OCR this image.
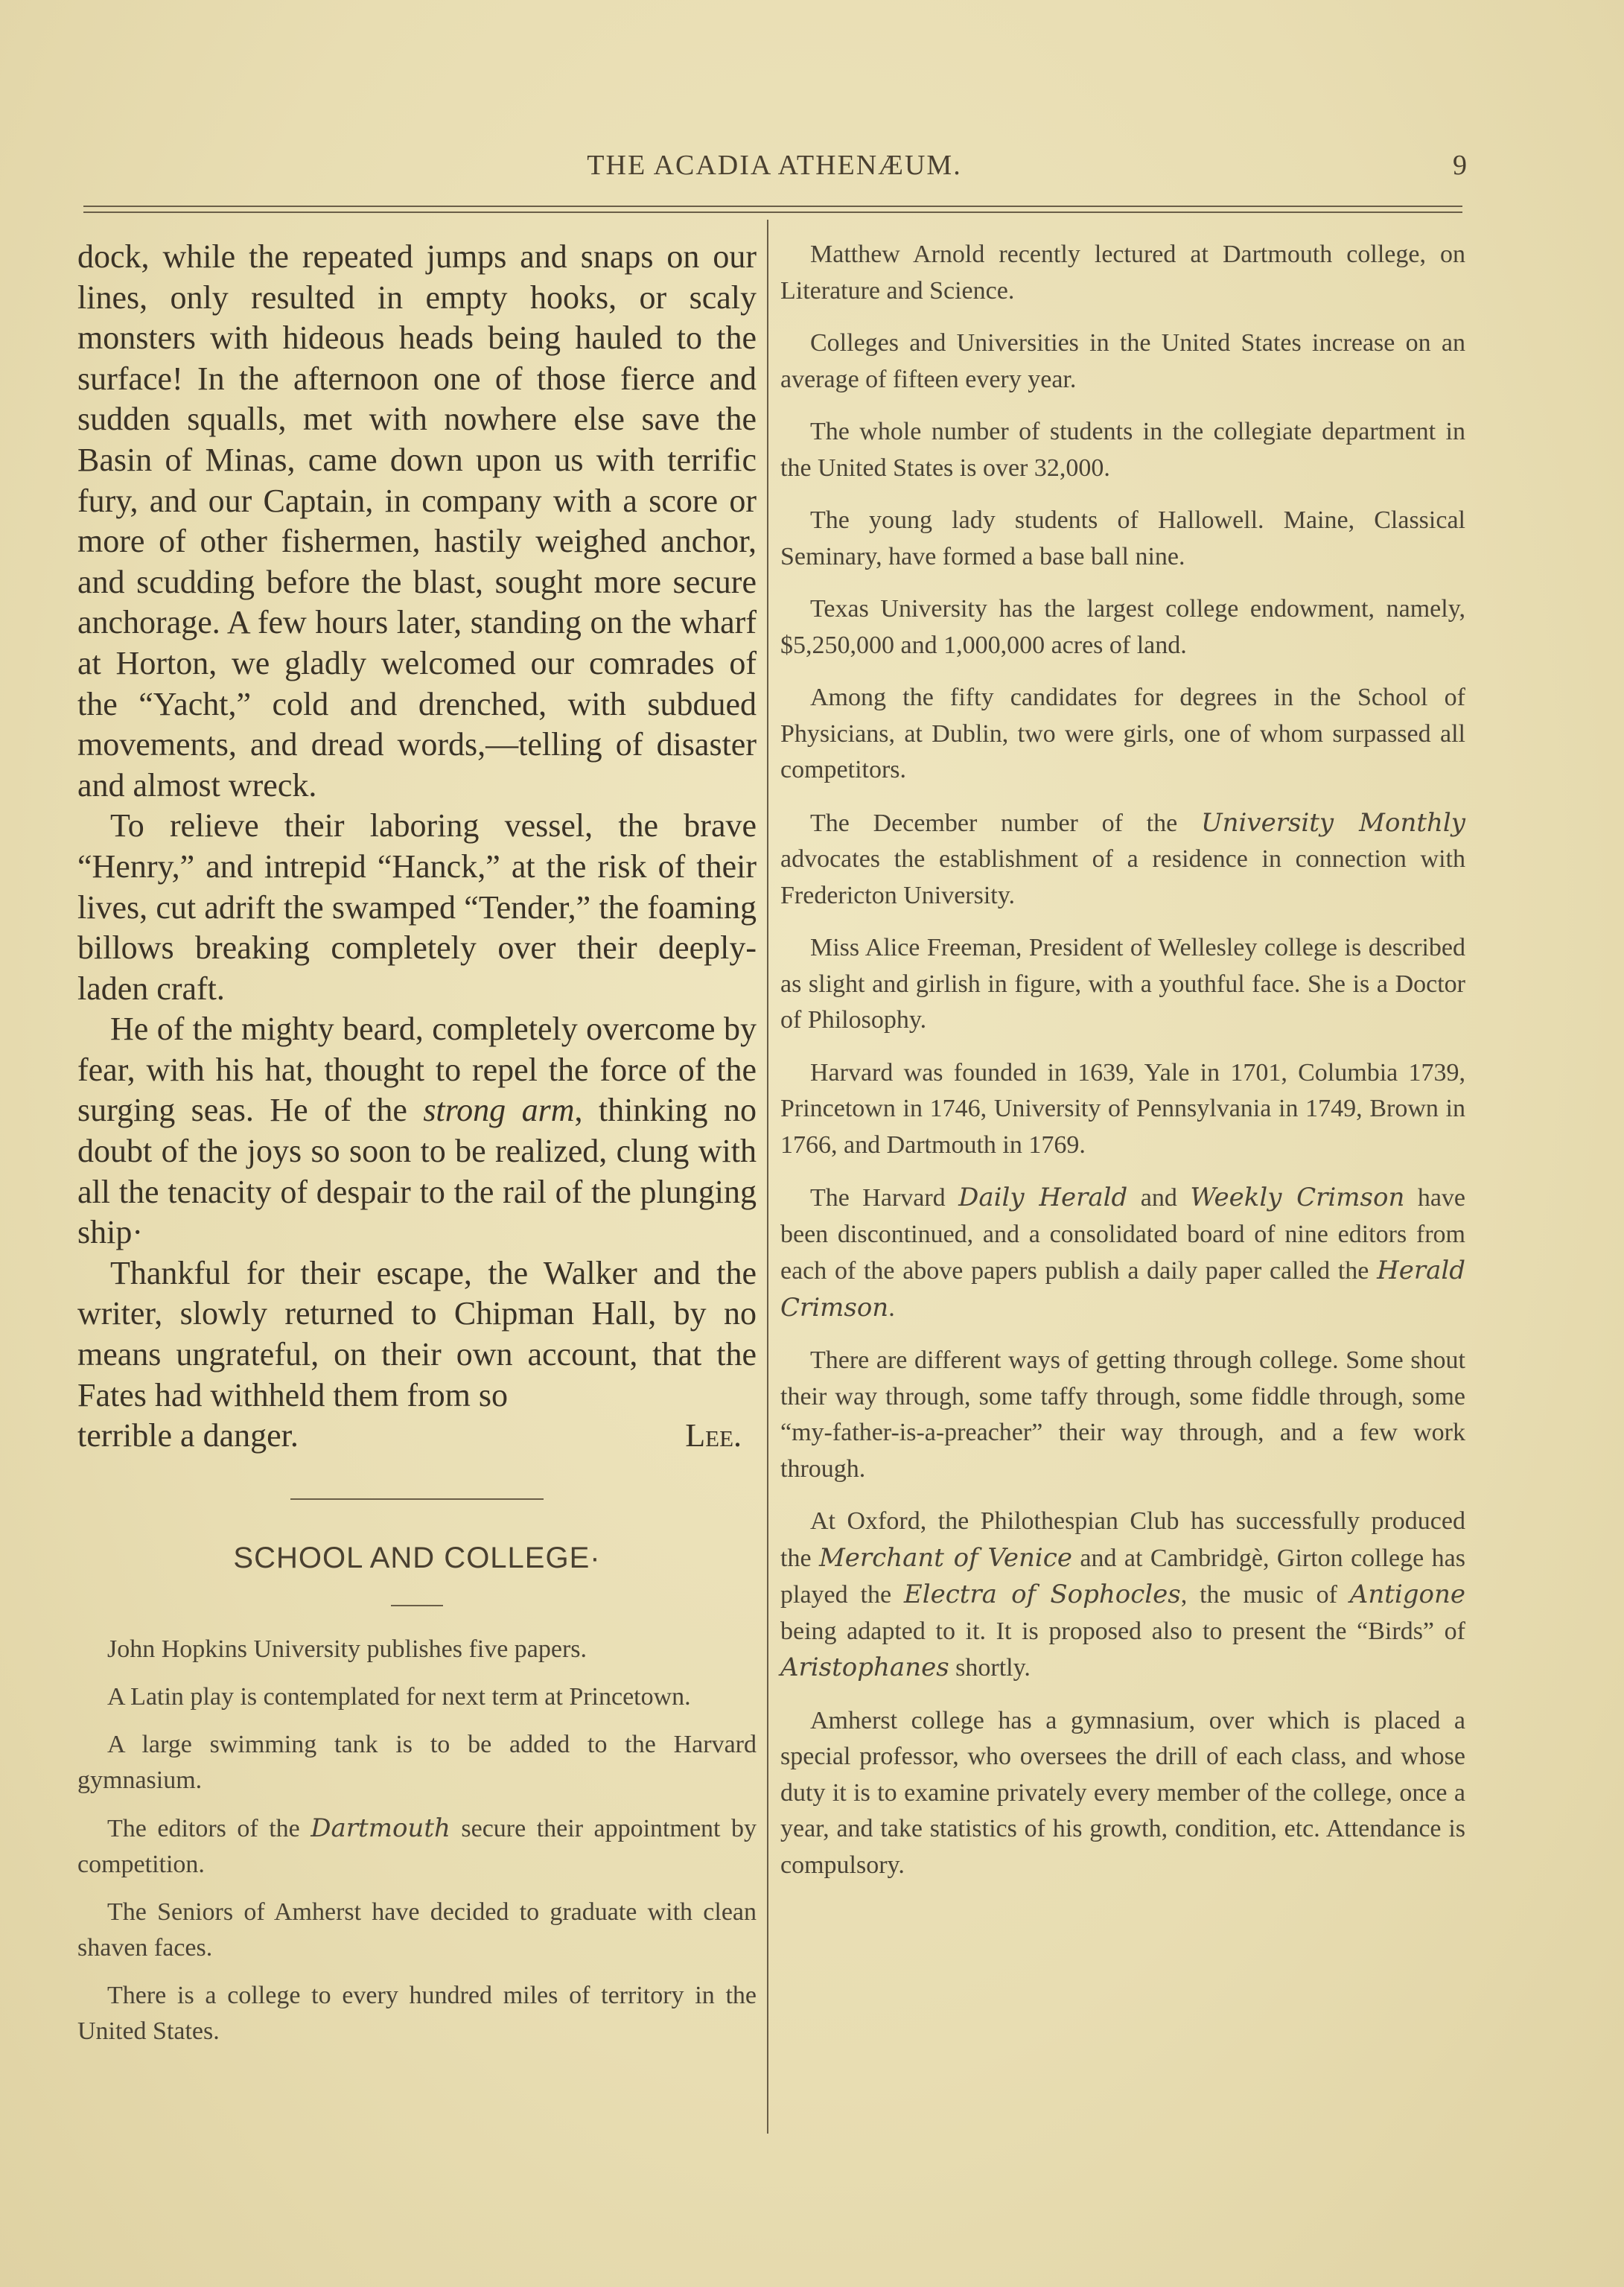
THE ACADIA ATHENÆUM.	9

dock, while the repeated jumps and snaps on our lines, only resulted in empty hooks, or scaly monsters with hideous heads being hauled to the surface! In the afternoon one of those fierce and sudden squalls, met with nowhere else save the Basin of Minas, came down upon us with terrific fury, and our Captain, in company with a score or more of other fishermen, hastily weighed anchor, and scudding before the blast, sought more secure anchorage. A few hours later, standing on the wharf at Horton, we gladly welcomed our comrades of the “Yacht,” cold and drenched, with subdued movements, and dread words,—telling of disaster and almost wreck.

To relieve their laboring vessel, the brave “Henry,” and intrepid “Hanck,” at the risk of their lives, cut adrift the swamped “Tender,” the foaming billows breaking completely over their deeply-laden craft.

He of the mighty beard, completely overcome by fear, with his hat, thought to repel the force of the surging seas. He of the strong arm, thinking no doubt of the joys so soon to be realized, clung with all the tenacity of despair to the rail of the plunging ship·

Thankful for their escape, the Walker and the writer, slowly returned to Chipman Hall, by no means ungrateful, on their own account, that the Fates had withheld them from so

terrible a danger.	Lee.
SCHOOL AND COLLEGE·

John Hopkins University publishes five papers.

A Latin play is contemplated for next term at Princetown.

A large swimming tank is to be added to the Harvard gymnasium.

The editors of the Dartmouth secure their appointment by competition.

The Seniors of Amherst have decided to graduate with clean shaven faces.

There is a college to every hundred miles of territory in the United States.

Matthew Arnold recently lectured at Dartmouth college, on Literature and Science.

Colleges and Universities in the United States increase on an average of fifteen every year.

The whole number of students in the collegiate department in the United States is over 32,000.

The young lady students of Hallowell. Maine, Classical Seminary, have formed a base ball nine.

Texas University has the largest college endowment, namely, $5,250,000 and 1,000,000 acres of land.

Among the fifty candidates for degrees in the School of Physicians, at Dublin, two were girls, one of whom surpassed all competitors.

The December number of the University Monthly advocates the establishment of a residence in connection with Fredericton University.

Miss Alice Freeman, President of Wellesley college is described as slight and girlish in figure, with a youthful face. She is a Doctor of Philosophy.

Harvard was founded in 1639, Yale in 1701, Columbia 1739, Princetown in 1746, University of Pennsylvania in 1749, Brown in 1766, and Dartmouth in 1769.

The Harvard Daily Herald and Weekly Crimson have been discontinued, and a consolidated board of nine editors from each of the above papers publish a daily paper called the Herald Crimson.

There are different ways of getting through college. Some shout their way through, some taffy through, some fiddle through, some “my-father-is-a-preacher” their way through, and a few work through.

At Oxford, the Philothespian Club has successfully produced the Merchant of Venice and at Cambridgè, Girton college has played the Electra of Sophocles, the music of Antigone being adapted to it. It is proposed also to present the “Birds” of Aristophanes shortly.

Amherst college has a gymnasium, over which is placed a special professor, who oversees the drill of each class, and whose duty it is to examine privately every member of the college, once a year, and take statistics of his growth, condition, etc. Attendance is compulsory.
